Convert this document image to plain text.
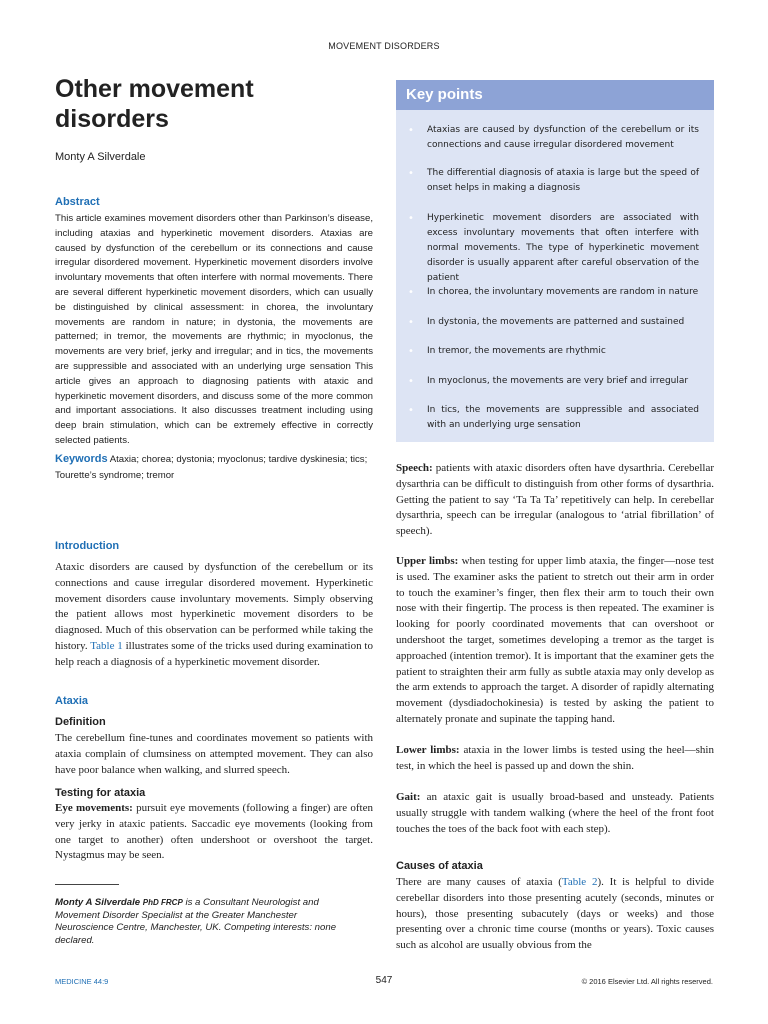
MOVEMENT DISORDERS
Other movement
disorders
Monty A Silverdale
Abstract
This article examines movement disorders other than Parkinson’s disease, including ataxias and hyperkinetic movement disorders. Ataxias are caused by dysfunction of the cerebellum or its connections and cause irregular disordered movement. Hyperkinetic movement disorders involve involuntary movements that often interfere with normal movements. There are several different hyperkinetic movement disorders, which can usually be distinguished by clinical assessment: in chorea, the involuntary movements are random in nature; in dystonia, the movements are patterned; in tremor, the movements are rhythmic; in myoclonus, the movements are very brief, jerky and irregular; and in tics, the movements are suppressible and associated with an underlying urge sensation This article gives an approach to diagnosing patients with ataxic and hyperkinetic movement disorders, and discuss some of the more common and important associations. It also discusses treatment including using deep brain stimulation, which can be extremely effective in correctly selected patients.
Keywords Ataxia; chorea; dystonia; myoclonus; tardive dyskinesia; tics; Tourette’s syndrome; tremor
Introduction
Ataxic disorders are caused by dysfunction of the cerebellum or its connections and cause irregular disordered movement. Hyperkinetic movement disorders cause involuntary movements. Simply observing the patient allows most hyperkinetic movement disorders to be diagnosed. Much of this observation can be performed while taking the history. Table 1 illustrates some of the tricks used during examination to help reach a diagnosis of a hyperkinetic movement disorder.
Ataxia
Definition
The cerebellum fine-tunes and coordinates movement so patients with ataxia complain of clumsiness on attempted movement. They can also have poor balance when walking, and slurred speech.
Testing for ataxia
Eye movements: pursuit eye movements (following a finger) are often very jerky in ataxic patients. Saccadic eye movements (looking from one target to another) often undershoot or overshoot the target. Nystagmus may be seen.
Monty A Silverdale PhD FRCP is a Consultant Neurologist and Movement Disorder Specialist at the Greater Manchester Neuroscience Centre, Manchester, UK. Competing interests: none declared.
Key points
• Ataxias are caused by dysfunction of the cerebellum or its connections and cause irregular disordered movement
• The differential diagnosis of ataxia is large but the speed of onset helps in making a diagnosis
• Hyperkinetic movement disorders are associated with excess involuntary movements that often interfere with normal movements. The type of hyperkinetic movement disorder is usually apparent after careful observation of the patient
• In chorea, the involuntary movements are random in nature
• In dystonia, the movements are patterned and sustained
• In tremor, the movements are rhythmic
• In myoclonus, the movements are very brief and irregular
• In tics, the movements are suppressible and associated with an underlying urge sensation
Speech: patients with ataxic disorders often have dysarthria. Cerebellar dysarthria can be difficult to distinguish from other forms of dysarthria. Getting the patient to say ‘Ta Ta Ta’ repetitively can help. In cerebellar dysarthria, speech can be irregular (analogous to ‘atrial fibrillation’ of speech).
Upper limbs: when testing for upper limb ataxia, the finger—nose test is used. The examiner asks the patient to stretch out their arm in order to touch the examiner’s finger, then flex their arm to touch their own nose with their fingertip. The process is then repeated. The examiner is looking for poorly coordinated movements that can overshoot or undershoot the target, sometimes developing a tremor as the target is approached (intention tremor). It is important that the examiner gets the patient to straighten their arm fully as subtle ataxia may only develop as the arm extends to approach the target. A disorder of rapidly alternating movement (dysdiadochokinesia) is tested by asking the patient to alternately pronate and supinate the tapping hand.
Lower limbs: ataxia in the lower limbs is tested using the heel—shin test, in which the heel is passed up and down the shin.
Gait: an ataxic gait is usually broad-based and unsteady. Patients usually struggle with tandem walking (where the heel of the front foot touches the toes of the back foot with each step).
Causes of ataxia
There are many causes of ataxia (Table 2). It is helpful to divide cerebellar disorders into those presenting acutely (seconds, minutes or hours), those presenting subacutely (days or weeks) and those presenting over a chronic time course (months or years). Toxic causes such as alcohol are usually obvious from the
MEDICINE 44:9	547	© 2016 Elsevier Ltd. All rights reserved.
